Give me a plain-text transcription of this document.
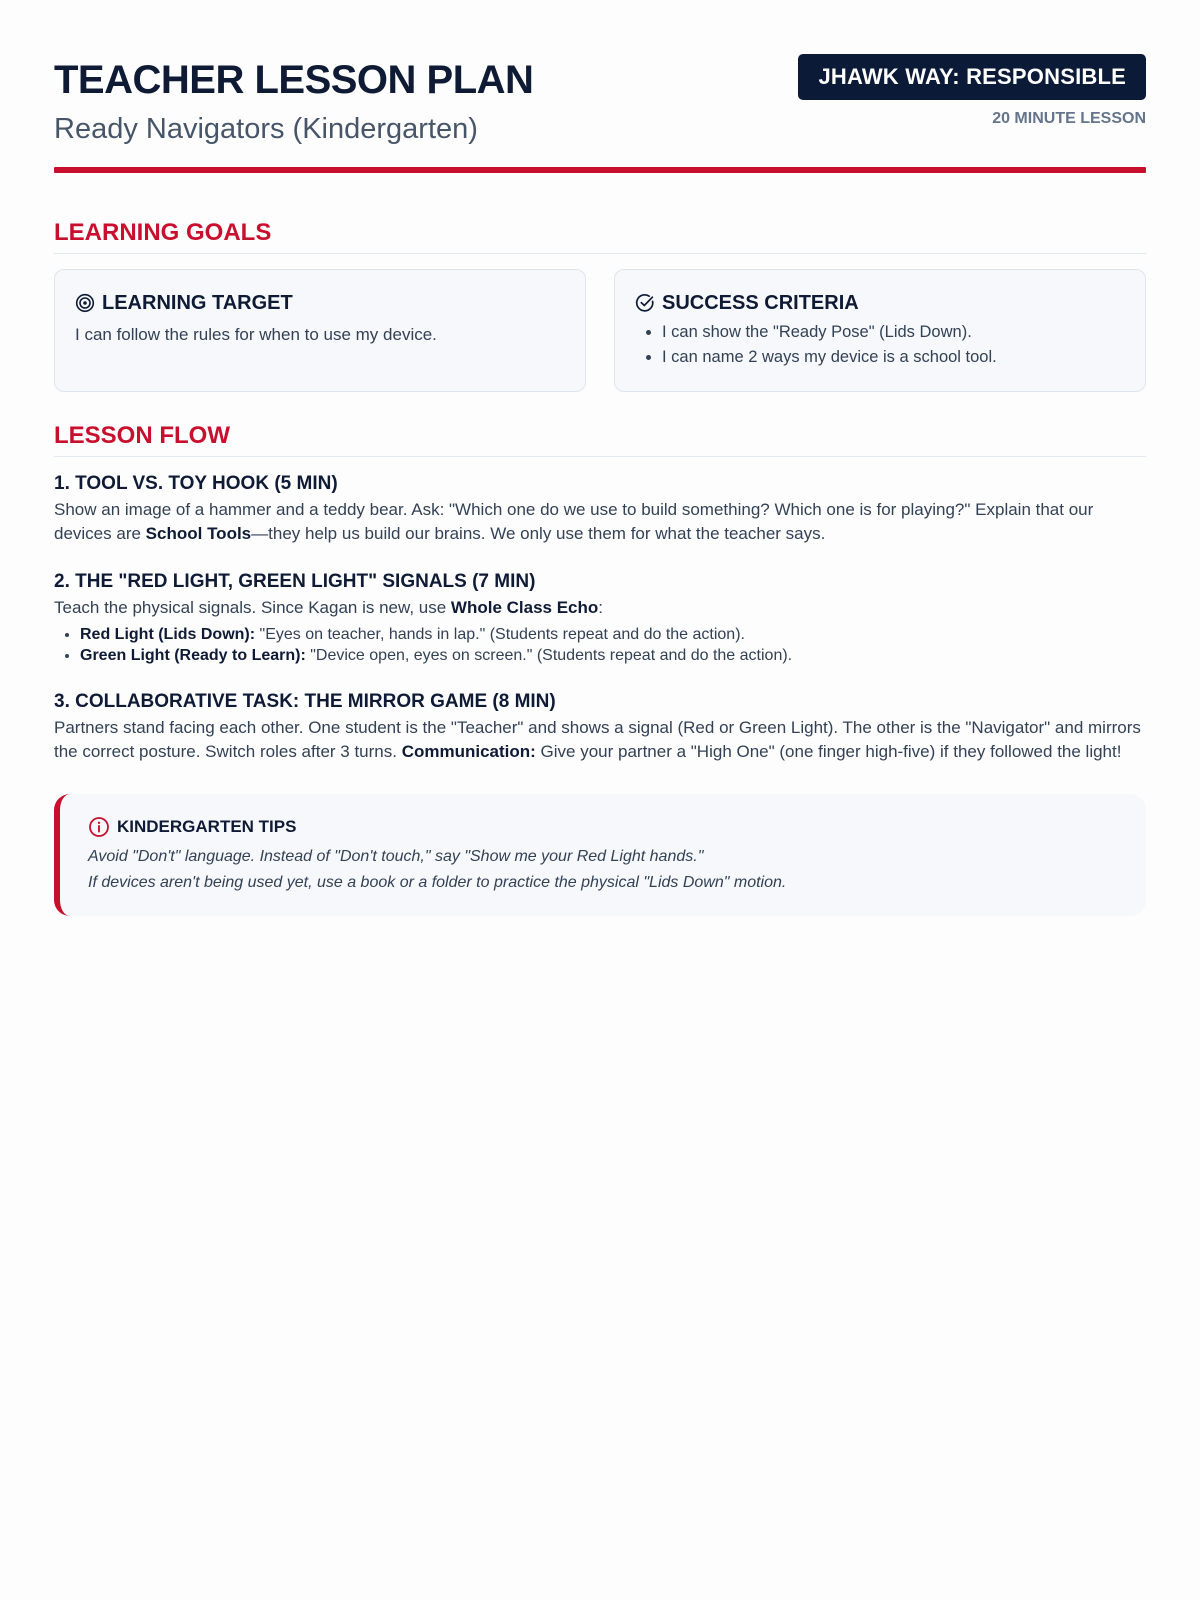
TEACHER LESSON PLAN
Ready Navigators (Kindergarten)
JHAWK WAY: RESPONSIBLE
20 MINUTE LESSON
LEARNING GOALS
LEARNING TARGET
I can follow the rules for when to use my device.
SUCCESS CRITERIA
• I can show the "Ready Pose" (Lids Down).
• I can name 2 ways my device is a school tool.
LESSON FLOW
1. TOOL VS. TOY HOOK (5 MIN)
Show an image of a hammer and a teddy bear. Ask: "Which one do we use to build something? Which one is for playing?" Explain that our devices are School Tools—they help us build our brains. We only use them for what the teacher says.
2. THE "RED LIGHT, GREEN LIGHT" SIGNALS (7 MIN)
Teach the physical signals. Since Kagan is new, use Whole Class Echo:
• Red Light (Lids Down): "Eyes on teacher, hands in lap." (Students repeat and do the action).
• Green Light (Ready to Learn): "Device open, eyes on screen." (Students repeat and do the action).
3. COLLABORATIVE TASK: THE MIRROR GAME (8 MIN)
Partners stand facing each other. One student is the "Teacher" and shows a signal (Red or Green Light). The other is the "Navigator" and mirrors the correct posture. Switch roles after 3 turns. Communication: Give your partner a "High One" (one finger high-five) if they followed the light!
KINDERGARTEN TIPS
Avoid "Don't" language. Instead of "Don't touch," say "Show me your Red Light hands."
If devices aren't being used yet, use a book or a folder to practice the physical "Lids Down" motion.
